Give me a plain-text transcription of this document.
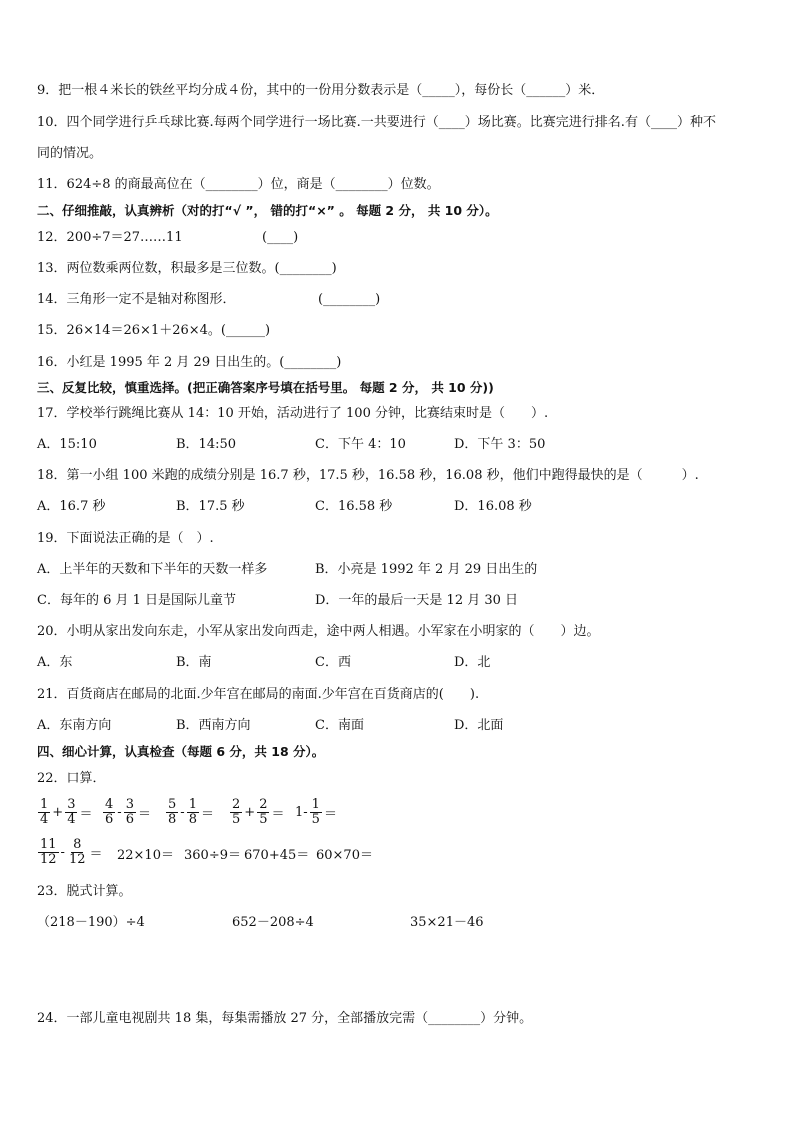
9．把一根４米长的铁丝平均分成４份，其中的一份用分数表示是（_____），每份长（______）米．
10．四个同学进行乒乓球比赛.每两个同学进行一场比赛.一共要进行（____）场比赛。比赛完进行排名.有（____）种不
同的情况。
11．624÷8 的商最高位在（________）位，商是（________）位数。
二、仔细推敲，认真辨析（对的打“√ ”， 错的打“×” 。 每题 2 分， 共 10 分）。
12．200÷7＝27……11	(____)
13．两位数乘两位数，积最多是三位数。(________)
14．三角形一定不是轴对称图形．	(________)
15．26×14＝26×1＋26×4。(______)
16．小红是 1995 年 2 月 29 日出生的。(________)
三、反复比较，慎重选择。(把正确答案序号填在括号里。 每题 2 分， 共 10 分))
17．学校举行跳绳比赛从 14：10 开始，活动进行了 100 分钟，比赛结束时是（　　）.
A．15:10	B．14:50	C．下午 4：10	D．下午 3：50
18．第一小组 100 米跑的成绩分别是 16.7 秒，17.5 秒，16.58 秒，16.08 秒，他们中跑得最快的是（　　　）.
A．16.7 秒	B．17.5 秒	C．16.58 秒	D．16.08 秒
19．下面说法正确的是（　）.
A．上半年的天数和下半年的天数一样多	B．小亮是 1992 年 2 月 29 日出生的
C．每年的 6 月 1 日是国际儿童节	D．一年的最后一天是 12 月 30 日
20．小明从家出发向东走，小军从家出发向西走，途中两人相遇。小军家在小明家的（　　）边。
A．东	B．南	C．西	D．北
21．百货商店在邮局的北面.少年宫在邮局的南面.少年宫在百货商店的(　　).
A．东南方向	B．西南方向	C．南面	D．北面
四、细心计算，认真检查（每题 6 分，共 18 分）。
22．口算．
$\frac{1}{4} + \frac{3}{4} = \frac{4}{6} - \frac{3}{6} = \frac{5}{8} - \frac{1}{8} = \frac{2}{5} + \frac{2}{5} = 1- \frac{1}{5}$ ＝
$\frac{11}{12} - \frac{8}{12} = 22\times 10= 360\div 9= 670+45= 60\times 70=$
23．脱式计算。
（218－190）÷4	652－208÷4	35×21－46
24．一部儿童电视剧共 18 集，每集需播放 27 分，全部播放完需（________）分钟。
